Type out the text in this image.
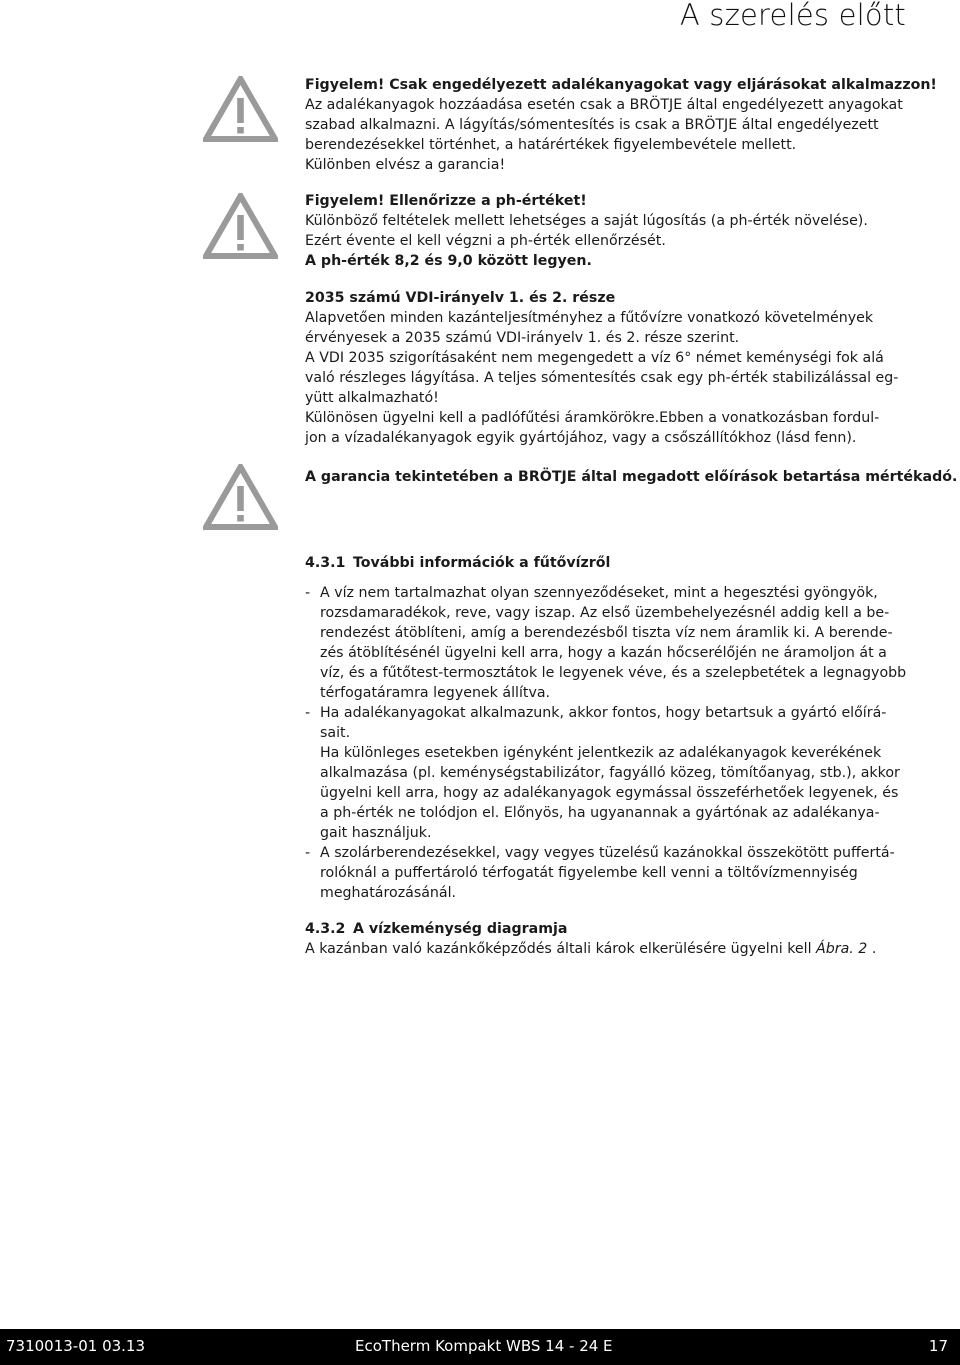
A szerelés előtt

Figyelem! Csak engedélyezett adalékanyagokat vagy eljárásokat alkalmazzon!

Az adalékanyagok hozzáadása esetén csak a BRÖTJE által engedélyezett anyagokat

szabad alkalmazni. A lágyítás/sómentesítés is csak a BRÖTJE által engedélyezett

berendezésekkel történhet, a határértékek figyelembevétele mellett.

Különben elvész a garancia!

Figyelem! Ellenőrizze a ph-értéket!

Különböző feltételek mellett lehetséges a saját lúgosítás (a ph-érték növelése).

Ezért évente el kell végzni a ph-érték ellenőrzését.

A ph-érték 8,2 és 9,0 között legyen.

2035 számú VDI-irányelv 1. és 2. része

Alapvetően minden kazánteljesítményhez a fűtővízre vonatkozó követelmények

érvényesek a 2035 számú VDI-irányelv 1. és 2. része szerint.

A VDI 2035 szigorításaként nem megengedett a víz 6° német keménységi fok alá

való részleges lágyítása. A teljes sómentesítés csak egy ph-érték stabilizálással eg-

yütt alkalmazható!

Különösen ügyelni kell a padlófűtési áramkörökre.Ebben a vonatkozásban fordul-

jon a vízadalékanyagok egyik gyártójához, vagy a csőszállítókhoz (lásd fenn).

A garancia tekintetében a BRÖTJE által megadott előírások betartása mértékadó.

4.3.1 További információk a fűtővízről

- A víz nem tartalmazhat olyan szennyeződéseket, mint a hegesztési gyöngyök,

rozsdamaradékok, reve, vagy iszap. Az első üzembehelyezésnél addig kell a be-

rendezést átöblíteni, amíg a berendezésből tiszta víz nem áramlik ki. A berende-

zés átöblítésénél ügyelni kell arra, hogy a kazán hőcserélőjén ne áramoljon át a

víz, és a fűtőtest-termosztátok le legyenek véve, és a szelepbetétek a legnagyobb

térfogatáramra legyenek állítva.

- Ha adalékanyagokat alkalmazunk, akkor fontos, hogy betartsuk a gyártó előírá-

sait.

Ha különleges esetekben igényként jelentkezik az adalékanyagok keverékének

alkalmazása (pl. keménységstabilizátor, fagyálló közeg, tömítőanyag, stb.), akkor

ügyelni kell arra, hogy az adalékanyagok egymással összeférhetőek legyenek, és

a ph-érték ne tolódjon el. Előnyös, ha ugyanannak a gyártónak az adalékanya-

gait használjuk.

- A szolárberendezésekkel, vagy vegyes tüzelésű kazánokkal összekötött puffertá-

rolóknál a puffertároló térfogatát figyelembe kell venni a töltővízmennyiség

meghatározásánál.

4.3.2 A vízkeménység diagramja

A kazánban való kazánkőképződés általi károk elkerülésére ügyelni kell Ábra. 2 .

7310013-01 03.13	EcoTherm Kompakt WBS 14 - 24 E	17
